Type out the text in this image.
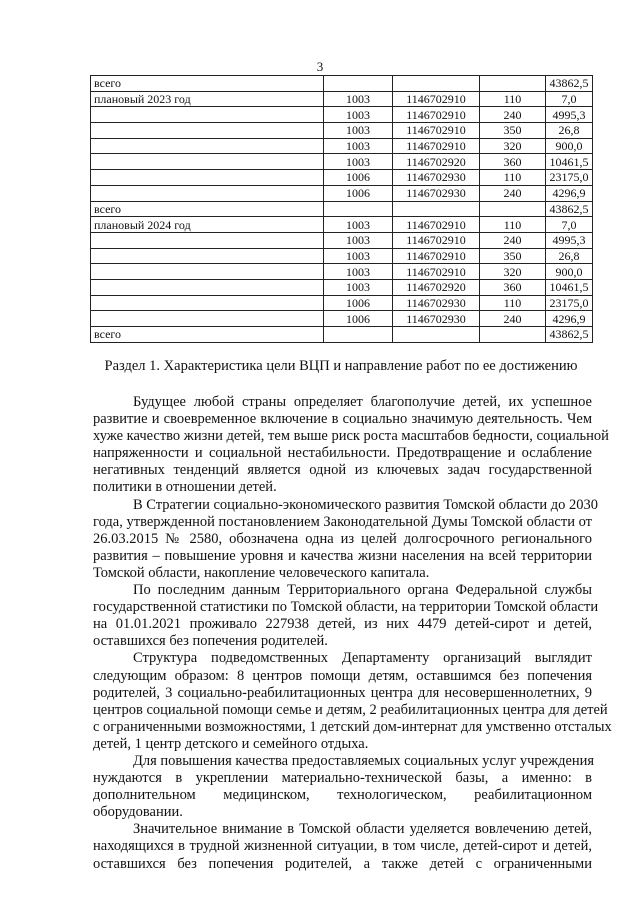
3
всего				43862,5
плановый 2023 год	1003	1146702910	110	7,0
	1003	1146702910	240	4995,3
	1003	1146702910	350	26,8
	1003	1146702910	320	900,0
	1003	1146702920	360	10461,5
	1006	1146702930	110	23175,0
	1006	1146702930	240	4296,9
всего				43862,5
плановый 2024 год	1003	1146702910	110	7,0
	1003	1146702910	240	4995,3
	1003	1146702910	350	26,8
	1003	1146702910	320	900,0
	1003	1146702920	360	10461,5
	1006	1146702930	110	23175,0
	1006	1146702930	240	4296,9
всего				43862,5
Раздел 1. Характеристика цели ВЦП и направление работ по ее достижению
Будущее любой страны определяет благополучие детей, их успешное
развитие и своевременное включение в социально значимую деятельность. Чем
хуже качество жизни детей, тем выше риск роста масштабов бедности, социальной
напряженности и социальной нестабильности. Предотвращение и ослабление
негативных тенденций является одной из ключевых задач государственной
политики в отношении детей.
В Стратегии социально-экономического развития Томской области до 2030
года, утвержденной постановлением Законодательной Думы Томской области от
26.03.2015 № 2580, обозначена одна из целей долгосрочного регионального
развития – повышение уровня и качества жизни населения на всей территории
Томской области, накопление человеческого капитала.
По последним данным Территориального органа Федеральной службы
государственной статистики по Томской области, на территории Томской области
на 01.01.2021 проживало 227938 детей, из них 4479 детей-сирот и детей,
оставшихся без попечения родителей.
Структура подведомственных Департаменту организаций выглядит
следующим образом: 8 центров помощи детям, оставшимся без попечения
родителей, 3 социально-реабилитационных центра для несовершеннолетних, 9
центров социальной помощи семье и детям, 2 реабилитационных центра для детей
с ограниченными возможностями, 1 детский дом-интернат для умственно отсталых
детей, 1 центр детского и семейного отдыха.
Для повышения качества предоставляемых социальных услуг учреждения
нуждаются в укреплении материально-технической базы, а именно: в
дополнительном медицинском, технологическом, реабилитационном
оборудовании.
Значительное внимание в Томской области уделяется вовлечению детей,
находящихся в трудной жизненной ситуации, в том числе, детей-сирот и детей,
оставшихся без попечения родителей, а также детей с ограниченными
